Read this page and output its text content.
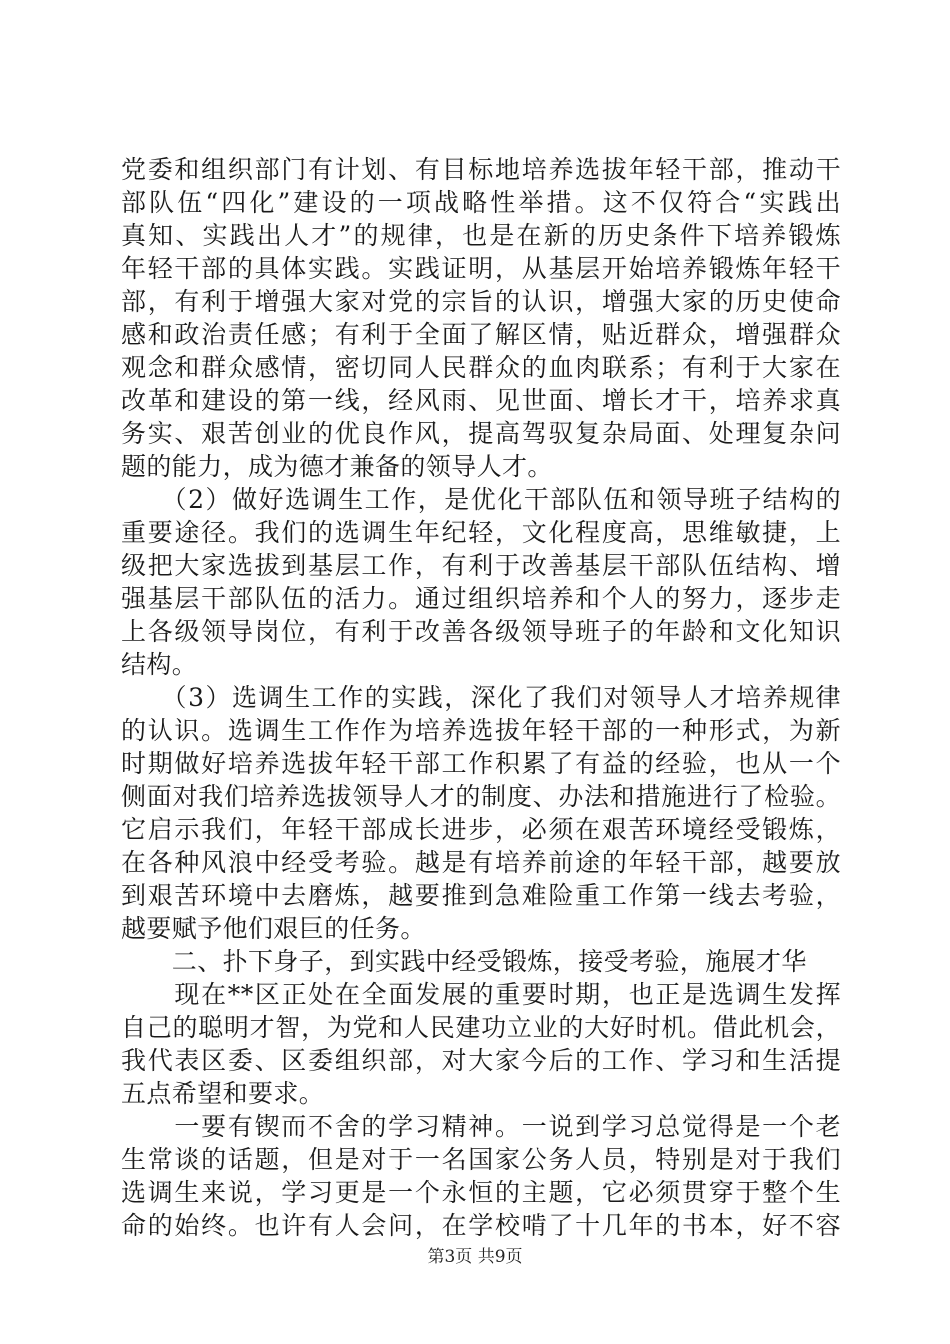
党委和组织部门有计划、有目标地培养选拔年轻干部，推动干
部队伍“四化”建设的一项战略性举措。这不仅符合“实践出
真知、实践出人才”的规律，也是在新的历史条件下培养锻炼
年轻干部的具体实践。实践证明，从基层开始培养锻炼年轻干
部，有利于增强大家对党的宗旨的认识，增强大家的历史使命
感和政治责任感；有利于全面了解区情，贴近群众，增强群众
观念和群众感情，密切同人民群众的血肉联系；有利于大家在
改革和建设的第一线，经风雨、见世面、增长才干，培养求真
务实、艰苦创业的优良作风，提高驾驭复杂局面、处理复杂问
题的能力，成为德才兼备的领导人才。
　　（2）做好选调生工作，是优化干部队伍和领导班子结构的
重要途径。我们的选调生年纪轻，文化程度高，思维敏捷，上
级把大家选拔到基层工作，有利于改善基层干部队伍结构、增
强基层干部队伍的活力。通过组织培养和个人的努力，逐步走
上各级领导岗位，有利于改善各级领导班子的年龄和文化知识
结构。
　　（3）选调生工作的实践，深化了我们对领导人才培养规律
的认识。选调生工作作为培养选拔年轻干部的一种形式，为新
时期做好培养选拔年轻干部工作积累了有益的经验，也从一个
侧面对我们培养选拔领导人才的制度、办法和措施进行了检验。
它启示我们，年轻干部成长进步，必须在艰苦环境经受锻炼，
在各种风浪中经受考验。越是有培养前途的年轻干部，越要放
到艰苦环境中去磨炼，越要推到急难险重工作第一线去考验，
越要赋予他们艰巨的任务。
　　二、扑下身子，到实践中经受锻炼，接受考验，施展才华
　　现在**区正处在全面发展的重要时期，也正是选调生发挥
自己的聪明才智，为党和人民建功立业的大好时机。借此机会，
我代表区委、区委组织部，对大家今后的工作、学习和生活提
五点希望和要求。
　　一要有锲而不舍的学习精神。一说到学习总觉得是一个老
生常谈的话题，但是对于一名国家公务人员，特别是对于我们
选调生来说，学习更是一个永恒的主题，它必须贯穿于整个生
命的始终。也许有人会问，在学校啃了十几年的书本，好不容
第3页 共9页
